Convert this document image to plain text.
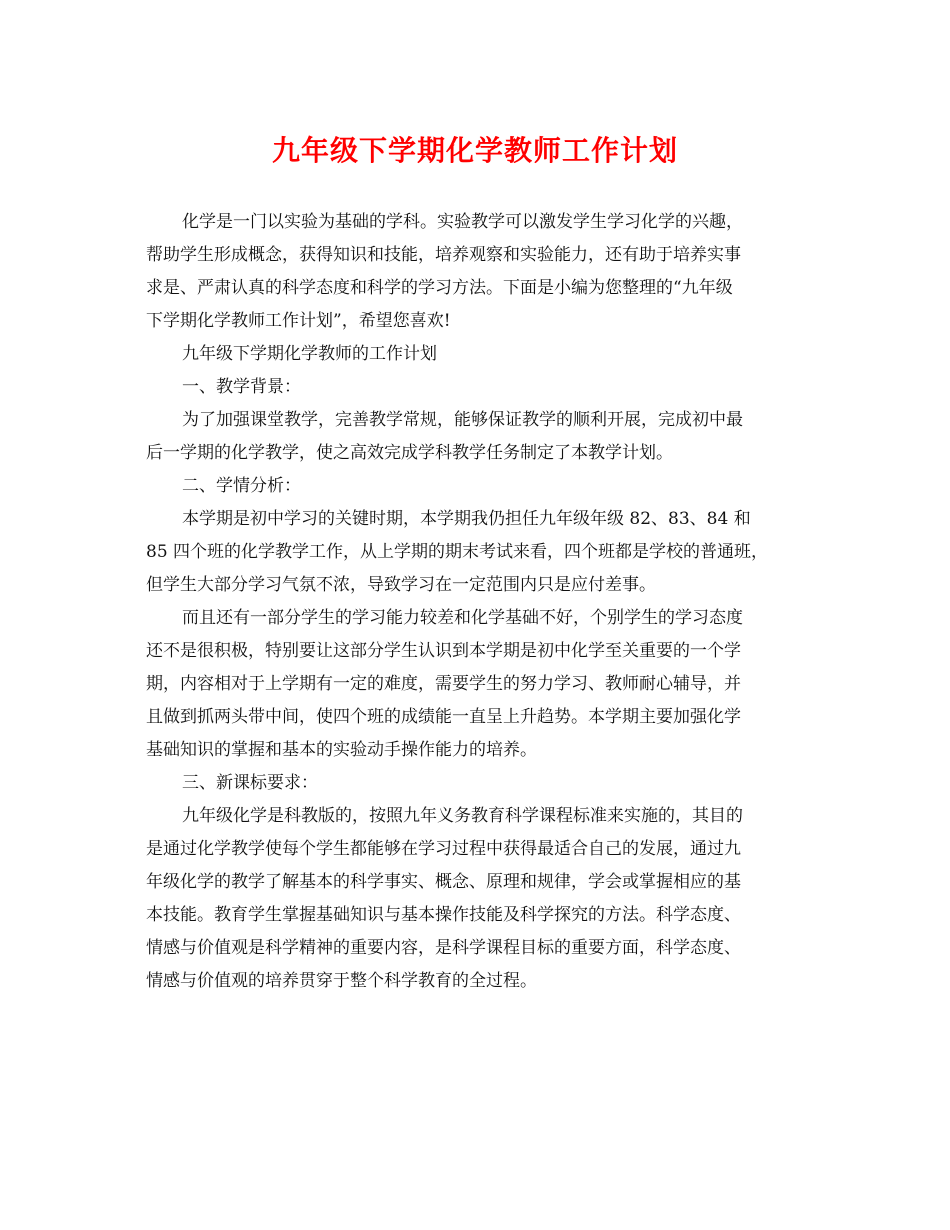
九年级下学期化学教师工作计划
化学是一门以实验为基础的学科。实验教学可以激发学生学习化学的兴趣，
帮助学生形成概念，获得知识和技能，培养观察和实验能力，还有助于培养实事
求是、严肃认真的科学态度和科学的学习方法。下面是小编为您整理的“九年级
下学期化学教师工作计划”，希望您喜欢!
九年级下学期化学教师的工作计划
一、教学背景：
为了加强课堂教学，完善教学常规，能够保证教学的顺利开展，完成初中最
后一学期的化学教学，使之高效完成学科教学任务制定了本教学计划。
二、学情分析：
本学期是初中学习的关键时期，本学期我仍担任九年级年级 82、83、84 和
85 四个班的化学教学工作，从上学期的期末考试来看，四个班都是学校的普通班，
但学生大部分学习气氛不浓，导致学习在一定范围内只是应付差事。
而且还有一部分学生的学习能力较差和化学基础不好，个别学生的学习态度
还不是很积极，特别要让这部分学生认识到本学期是初中化学至关重要的一个学
期，内容相对于上学期有一定的难度，需要学生的努力学习、教师耐心辅导，并
且做到抓两头带中间，使四个班的成绩能一直呈上升趋势。本学期主要加强化学
基础知识的掌握和基本的实验动手操作能力的培养。
三、新课标要求：
九年级化学是科教版的，按照九年义务教育科学课程标准来实施的，其目的
是通过化学教学使每个学生都能够在学习过程中获得最适合自己的发展，通过九
年级化学的教学了解基本的科学事实、概念、原理和规律，学会或掌握相应的基
本技能。教育学生掌握基础知识与基本操作技能及科学探究的方法。科学态度、
情感与价值观是科学精神的重要内容，是科学课程目标的重要方面，科学态度、
情感与价值观的培养贯穿于整个科学教育的全过程。
